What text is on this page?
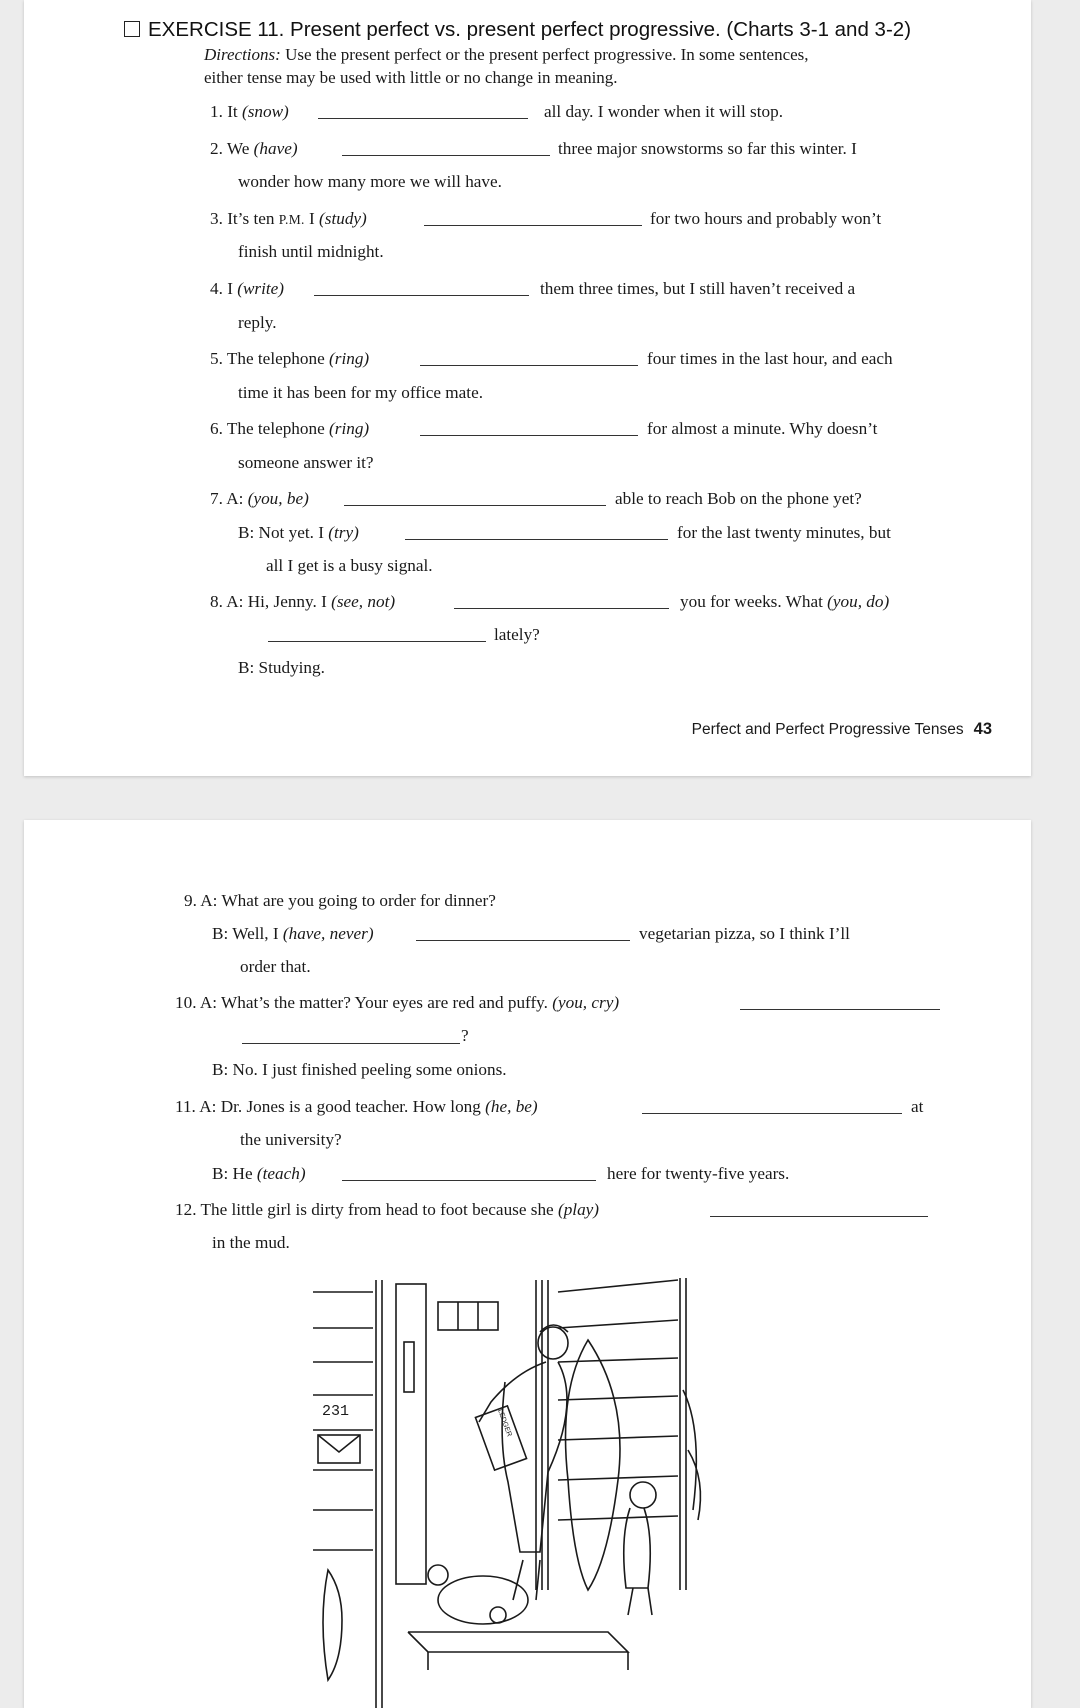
EXERCISE 11. Present perfect vs. present perfect progressive. (Charts 3-1 and 3-2)
Directions: Use the present perfect or the present perfect progressive. In some sentences,
either tense may be used with little or no change in meaning.
1. It (snow)	all day. I wonder when it will stop.
2. We (have)	three major snowstorms so far this winter. I
wonder how many more we will have.
3. It’s ten P.M. I (study)	for two hours and probably won’t
finish until midnight.
4. I (write)	them three times, but I still haven’t received a
reply.
5. The telephone (ring)	four times in the last hour, and each
time it has been for my office mate.
6. The telephone (ring)	for almost a minute. Why doesn’t
someone answer it?
7. A: (you, be)	able to reach Bob on the phone yet?
B: Not yet. I (try)	for the last twenty minutes, but
all I get is a busy signal.
8. A: Hi, Jenny. I (see, not)	you for weeks. What (you, do)
lately?
B: Studying.
Perfect and Perfect Progressive Tenses 43
9. A: What are you going to order for dinner?
B: Well, I (have, never)	vegetarian pizza, so I think I’ll
order that.
10. A: What’s the matter? Your eyes are red and puffy. (you, cry)
?
B: No. I just finished peeling some onions.
11. A: Dr. Jones is a good teacher. How long (he, be)	at
the university?
B: He (teach)	here for twenty-five years.
12. The little girl is dirty from head to foot because she (play)
in the mud.
231	LEDGER
